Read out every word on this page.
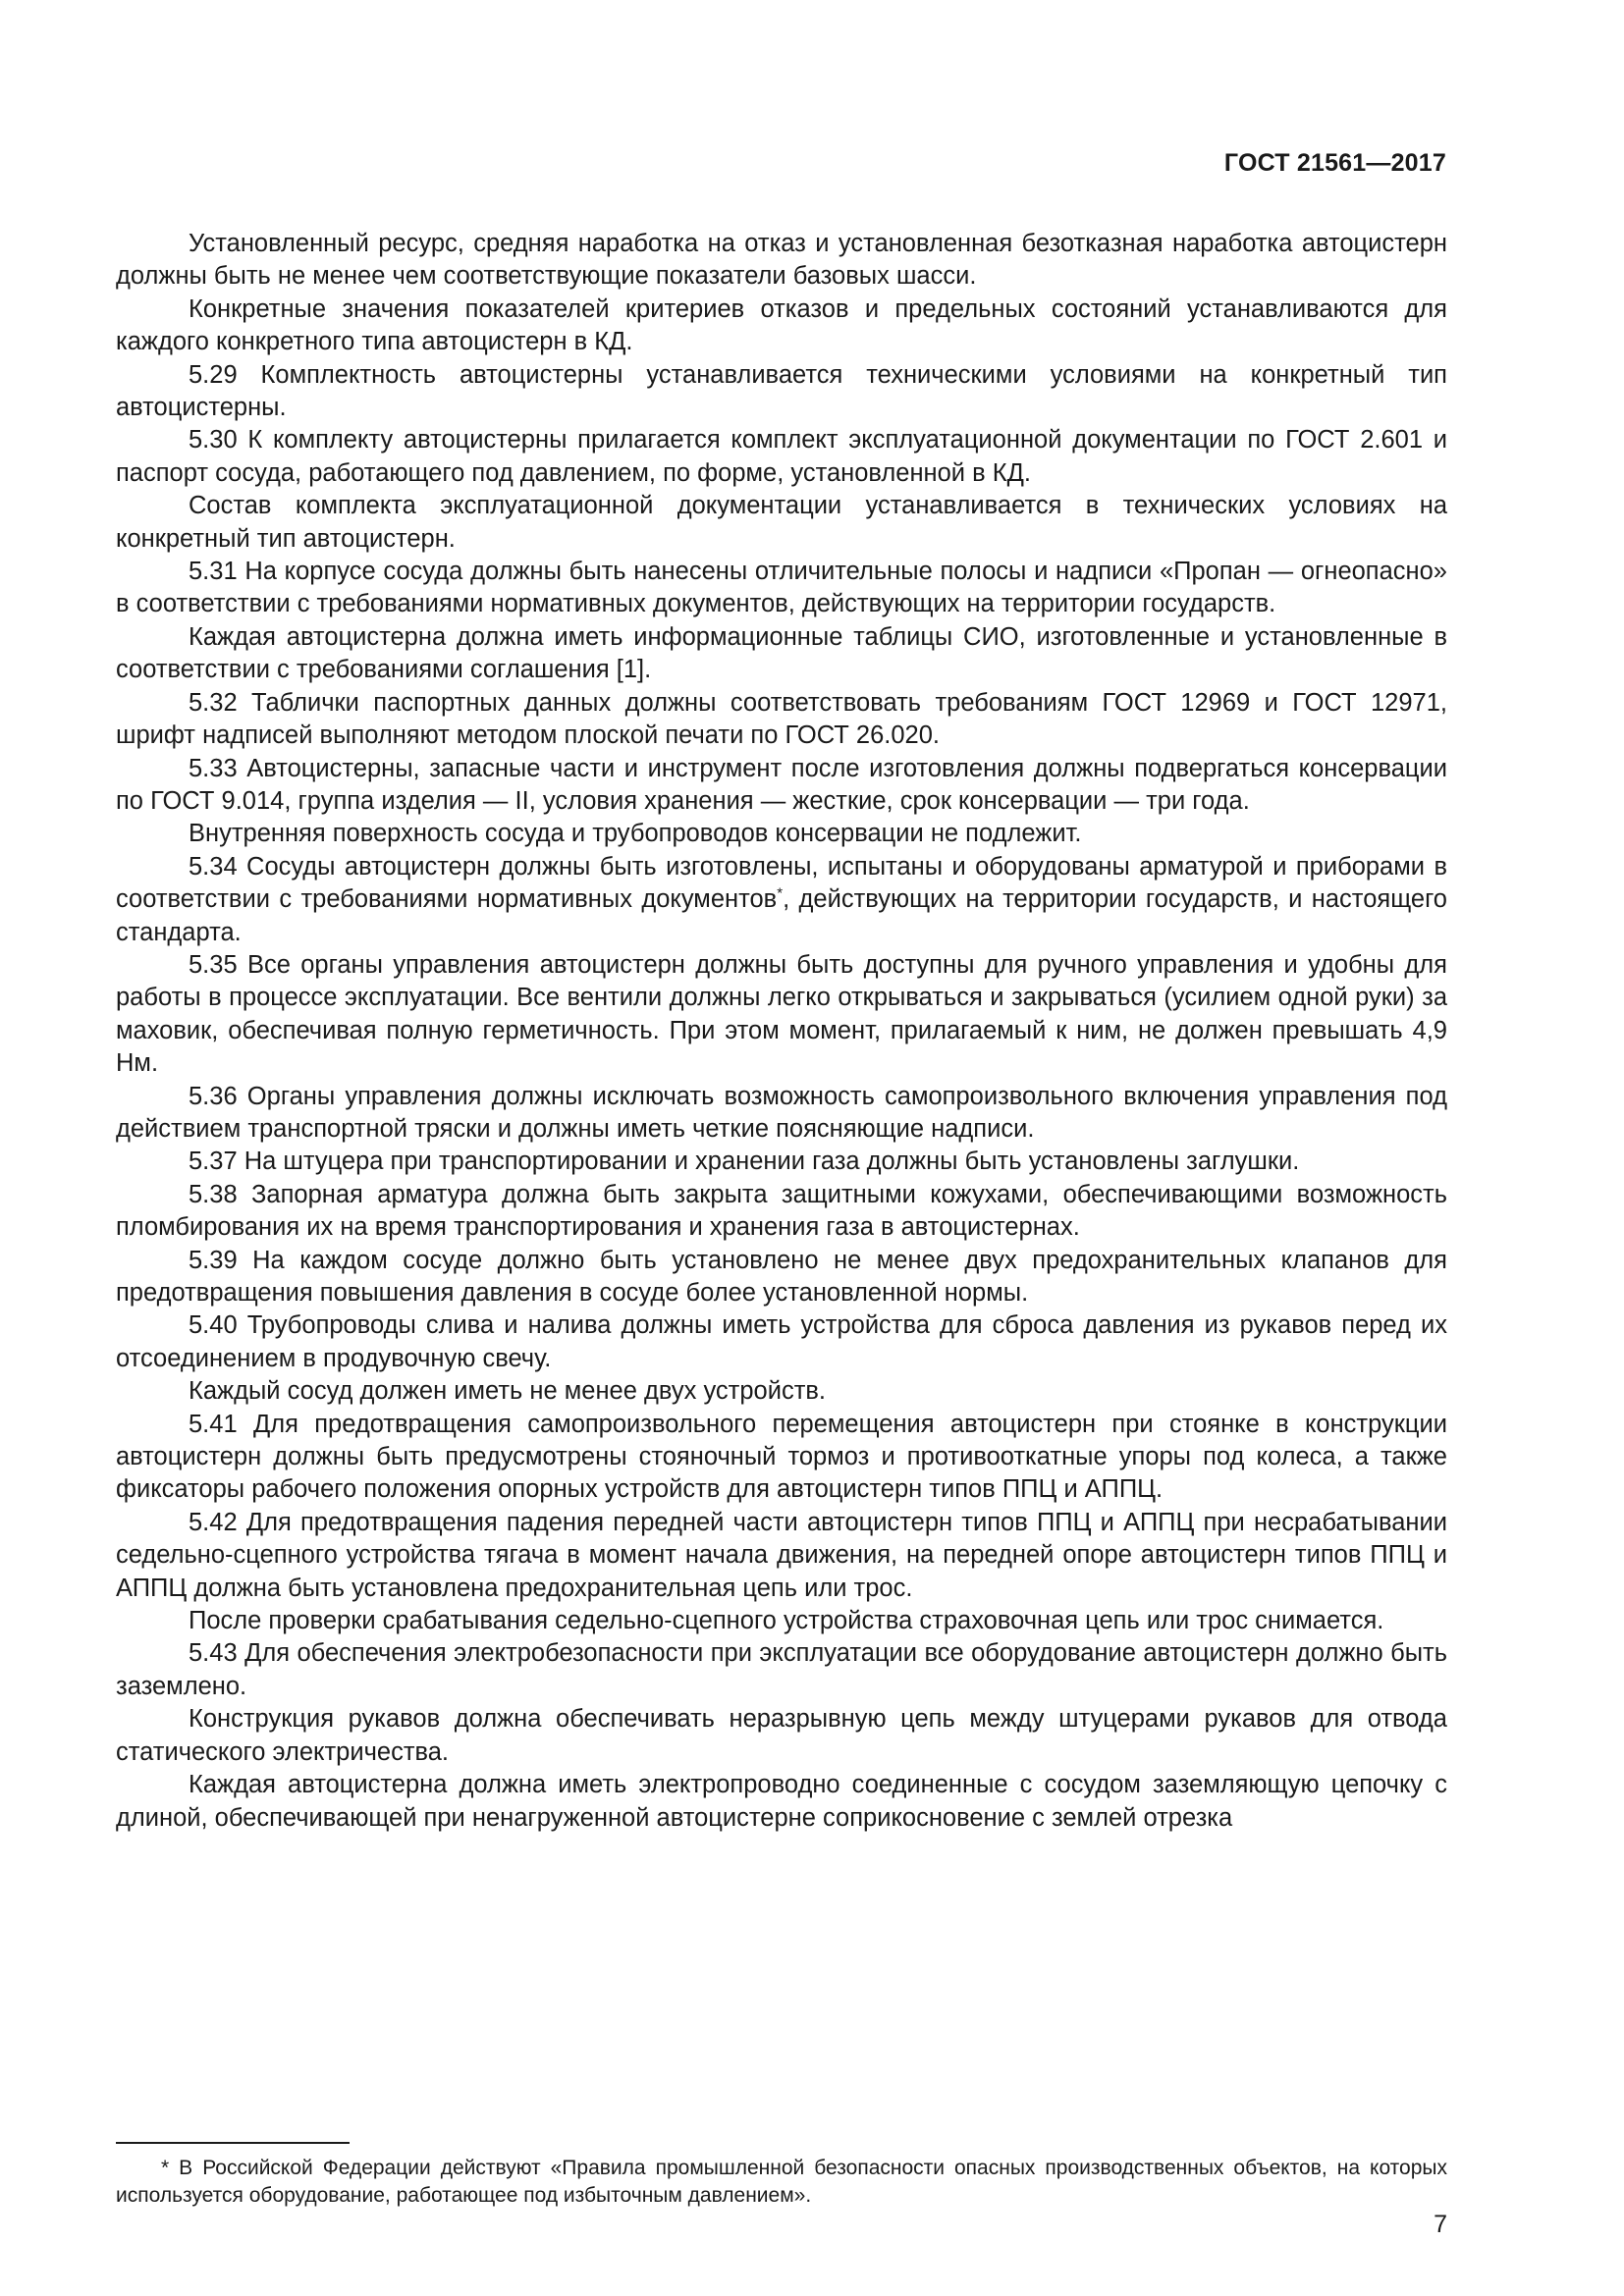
ГОСТ 21561—2017

Установленный ресурс, средняя наработка на отказ и установленная безотказная наработка автоцистерн должны быть не менее чем соответствующие показатели базовых шасси.

Конкретные значения показателей критериев отказов и предельных состояний устанавливаются для каждого конкретного типа автоцистерн в КД.

5.29 Комплектность автоцистерны устанавливается техническими условиями на конкретный тип автоцистерны.

5.30 К комплекту автоцистерны прилагается комплект эксплуатационной документации по ГОСТ 2.601 и паспорт сосуда, работающего под давлением, по форме, установленной в КД.

Состав комплекта эксплуатационной документации устанавливается в технических условиях на конкретный тип автоцистерн.

5.31 На корпусе сосуда должны быть нанесены отличительные полосы и надписи «Пропан — огнеопасно» в соответствии с требованиями нормативных документов, действующих на территории государств.

Каждая автоцистерна должна иметь информационные таблицы СИО, изготовленные и установленные в соответствии с требованиями соглашения [1].

5.32 Таблички паспортных данных должны соответствовать требованиям ГОСТ 12969 и ГОСТ 12971, шрифт надписей выполняют методом плоской печати по ГОСТ 26.020.

5.33 Автоцистерны, запасные части и инструмент после изготовления должны подвергаться консервации по ГОСТ 9.014, группа изделия — II, условия хранения — жесткие, срок консервации — три года.

Внутренняя поверхность сосуда и трубопроводов консервации не подлежит.

5.34 Сосуды автоцистерн должны быть изготовлены, испытаны и оборудованы арматурой и приборами в соответствии с требованиями нормативных документов*, действующих на территории государств, и настоящего стандарта.

5.35 Все органы управления автоцистерн должны быть доступны для ручного управления и удобны для работы в процессе эксплуатации. Все вентили должны легко открываться и закрываться (усилием одной руки) за маховик, обеспечивая полную герметичность. При этом момент, прилагаемый к ним, не должен превышать 4,9 Нм.

5.36 Органы управления должны исключать возможность самопроизвольного включения управления под действием транспортной тряски и должны иметь четкие поясняющие надписи.

5.37 На штуцера при транспортировании и хранении газа должны быть установлены заглушки.

5.38 Запорная арматура должна быть закрыта защитными кожухами, обеспечивающими возможность пломбирования их на время транспортирования и хранения газа в автоцистернах.

5.39 На каждом сосуде должно быть установлено не менее двух предохранительных клапанов для предотвращения повышения давления в сосуде более установленной нормы.

5.40 Трубопроводы слива и налива должны иметь устройства для сброса давления из рукавов перед их отсоединением в продувочную свечу.

Каждый сосуд должен иметь не менее двух устройств.

5.41 Для предотвращения самопроизвольного перемещения автоцистерн при стоянке в конструкции автоцистерн должны быть предусмотрены стояночный тормоз и противооткатные упоры под колеса, а также фиксаторы рабочего положения опорных устройств для автоцистерн типов ППЦ и АППЦ.

5.42 Для предотвращения падения передней части автоцистерн типов ППЦ и АППЦ при несрабатывании седельно-сцепного устройства тягача в момент начала движения, на передней опоре автоцистерн типов ППЦ и АППЦ должна быть установлена предохранительная цепь или трос.

После проверки срабатывания седельно-сцепного устройства страховочная цепь или трос снимается.

5.43 Для обеспечения электробезопасности при эксплуатации все оборудование автоцистерн должно быть заземлено.

Конструкция рукавов должна обеспечивать неразрывную цепь между штуцерами рукавов для отвода статического электричества.

Каждая автоцистерна должна иметь электропроводно соединенные с сосудом заземляющую цепочку с длиной, обеспечивающей при ненагруженной автоцистерне соприкосновение с землей отрезка

* В Российской Федерации действуют «Правила промышленной безопасности опасных производственных объектов, на которых используется оборудование, работающее под избыточным давлением».

7
